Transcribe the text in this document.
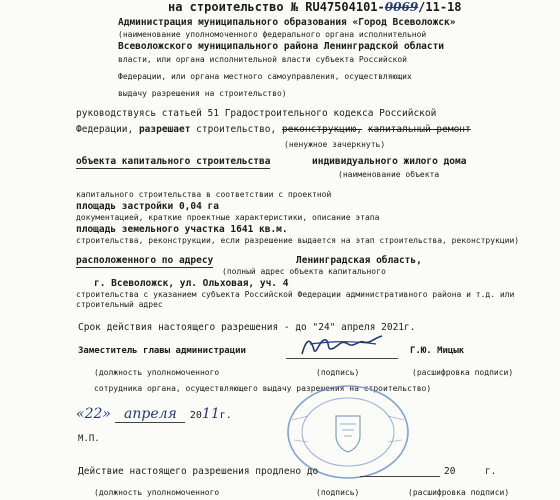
на строительство № RU47504101-0069/11-18
Администрация муниципального образования «Город Всеволожск»
(наименование уполномоченного федерального органа исполнительной
Всеволожского муниципального района Ленинградской области
власти, или органа исполнительной власти субъекта Российской
Федерации, или органа местного самоуправления, осуществляющих
выдачу разрешения на строительство)
руководствуясь статьей 51 Градостроительного кодекса Российской
Федерации, разрешает строительство, реконструкцию, капитальный ремонт
(ненужное зачеркнуть)
объекта капитального строительства	индивидуального жилого дома
(наименование объекта
капитального строительства в соответствии с проектной
площадь застройки 0,04 га
документацией, краткие проектные характеристики, описание этапа
площадь земельного участка 1641 кв.м.
строительства, реконструкции, если разрешение выдается на этап строительства, реконструкции)
расположенного по адресу	Ленинградская область,
(полный адрес объекта капитального
г. Всеволожск, ул. Ольховая, уч. 4
строительства с указанием субъекта Российской Федерации административного района и т.д. или
строительный адрес
Срок действия настоящего разрешения - до "24" апреля 2021г.
Заместитель главы администрации	Г.Ю. Мицык
(должность уполномоченного	(подпись)	(расшифровка подписи)
сотрудника органа, осуществляющего выдачу разрешения на строительство)
«22» апреля 2011г.
М.П.
Действие настоящего разрешения продлено до	20	г.
(должность уполномоченного	(подпись)	(расшифровка подписи)
